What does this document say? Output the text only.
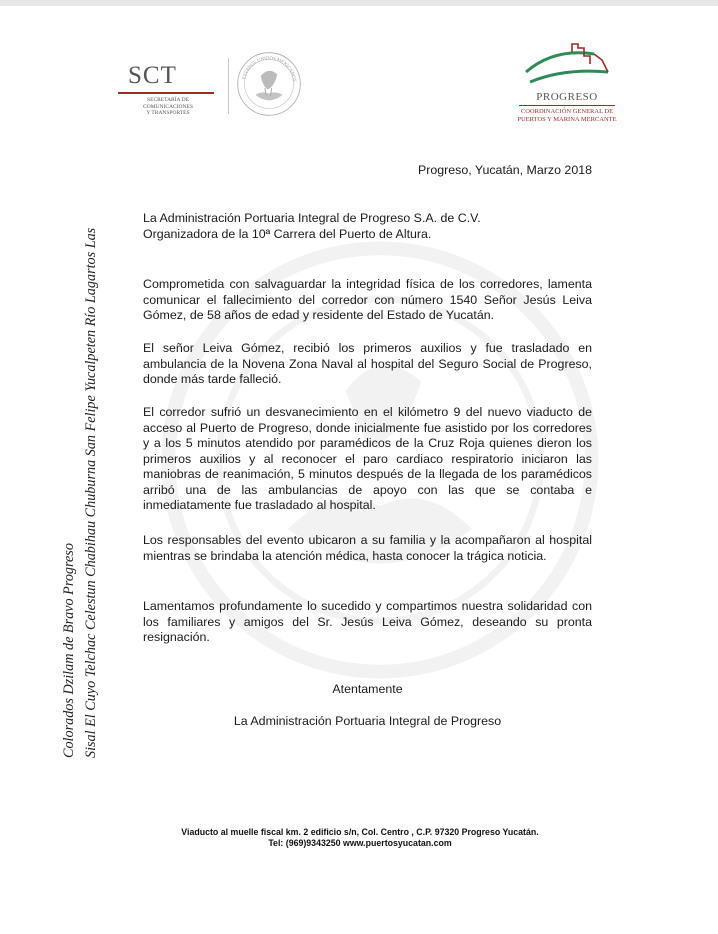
SCT
SECRETARÍA DE
COMUNICACIONES
Y TRANSPORTES
ESTADOS UNIDOS MEXICANOS
PROGRESO
COORDINACIÓN GENERAL DE
PUERTOS Y MARINA MERCANTE
Sisal El Cuyo Telchac Celestun Chabihau Chuburna San Felipe Yucalpeten Río Lagartos Las
Colorados Dzilam de Bravo Progreso
Progreso, Yucatán, Marzo 2018
La Administración Portuaria Integral de Progreso S.A. de C.V.
Organizadora de la 10ª Carrera del Puerto de Altura.
Comprometida con salvaguardar la integridad física de los corredores, lamenta comunicar el fallecimiento del corredor con número 1540 Señor Jesús Leiva Gómez, de 58 años de edad y residente del Estado de Yucatán.
El señor Leiva Gómez, recibió los primeros auxilios y fue trasladado en ambulancia de la Novena Zona Naval al hospital del Seguro Social de Progreso, donde más tarde falleció.
El corredor sufrió un desvanecimiento en el kilómetro 9 del nuevo viaducto de acceso al Puerto de Progreso, donde inicialmente fue asistido por los corredores y a los 5 minutos atendido por paramédicos de la Cruz Roja quienes dieron los primeros auxilios y al reconocer el paro cardiaco respiratorio iniciaron las maniobras de reanimación, 5 minutos después de la llegada de los paramédicos arribó una de las ambulancias de apoyo con las que se contaba e inmediatamente fue trasladado al hospital.
Los responsables del evento ubicaron a su familia y la acompañaron al hospital mientras se brindaba la atención médica, hasta conocer la trágica noticia.
Lamentamos profundamente lo sucedido y compartimos nuestra solidaridad con los familiares y amigos del Sr. Jesús Leiva Gómez, deseando su pronta resignación.
Atentamente
La Administración Portuaria Integral de Progreso
Viaducto al muelle fiscal km. 2 edificio s/n, Col. Centro , C.P. 97320 Progreso Yucatán.
Tel: (969)9343250 www.puertosyucatan.com
